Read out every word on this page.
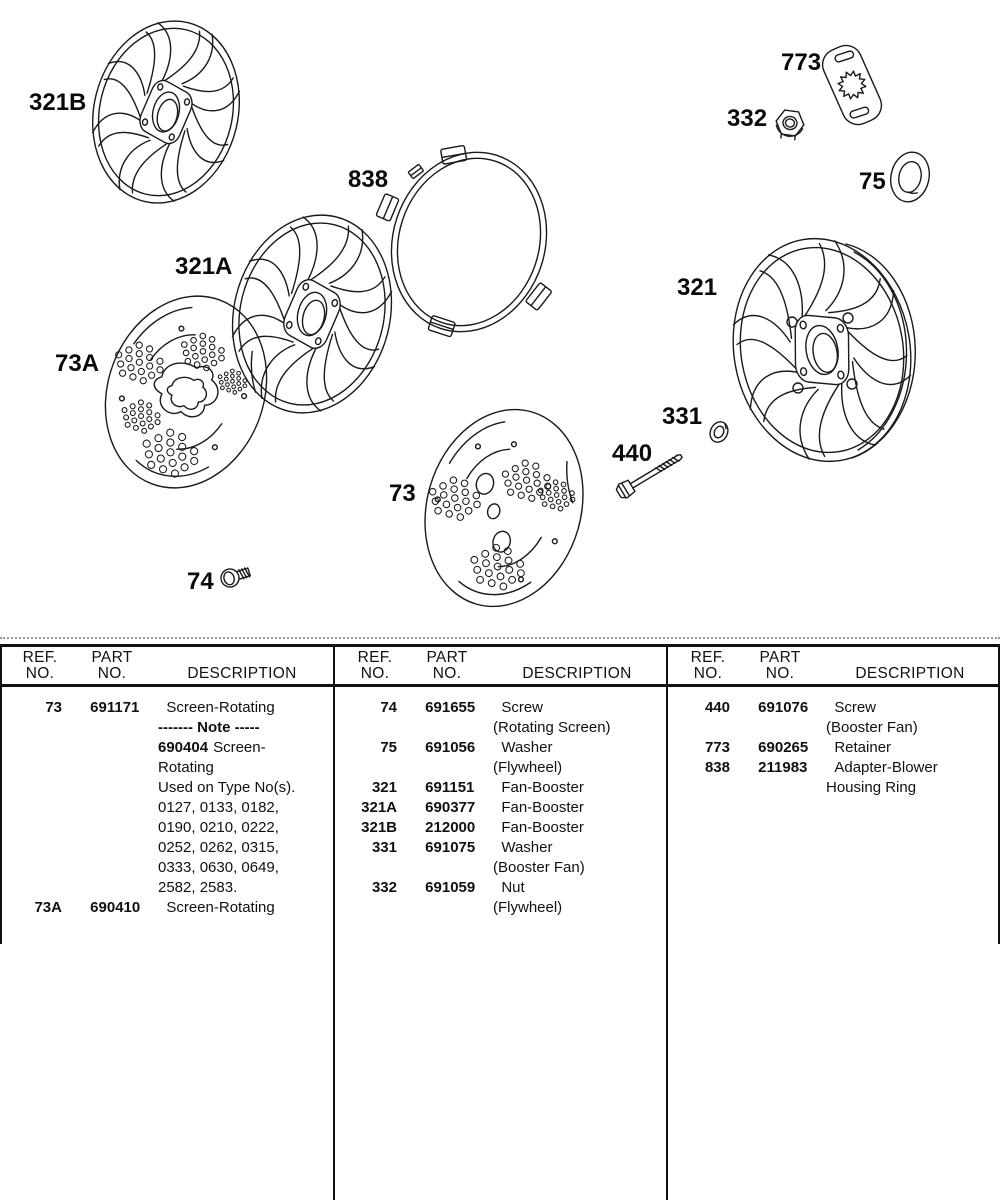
321B
838
321A
73A
73
74
440
331
321
332
773
75
REF.
NO.
PART
NO.	DESCRIPTION
73 691171 Screen-Rotating
------- Note -----
690404 Screen-
Rotating
Used on Type No(s).
0127, 0133, 0182,
0190, 0210, 0222,
0252, 0262, 0315,
0333, 0630, 0649,
2582, 2583.
73A 690410 Screen-Rotating
REF.
NO.
PART
NO.	DESCRIPTION
74 691655 Screw
(Rotating Screen)
75 691056 Washer
(Flywheel)
321 691151 Fan-Booster
321A 690377 Fan-Booster
321B 212000 Fan-Booster
331 691075 Washer
(Booster Fan)
332 691059 Nut
(Flywheel)
REF.
NO.
PART
NO.	DESCRIPTION
440 691076 Screw
(Booster Fan)
773 690265 Retainer
838 211983 Adapter-Blower
Housing Ring
